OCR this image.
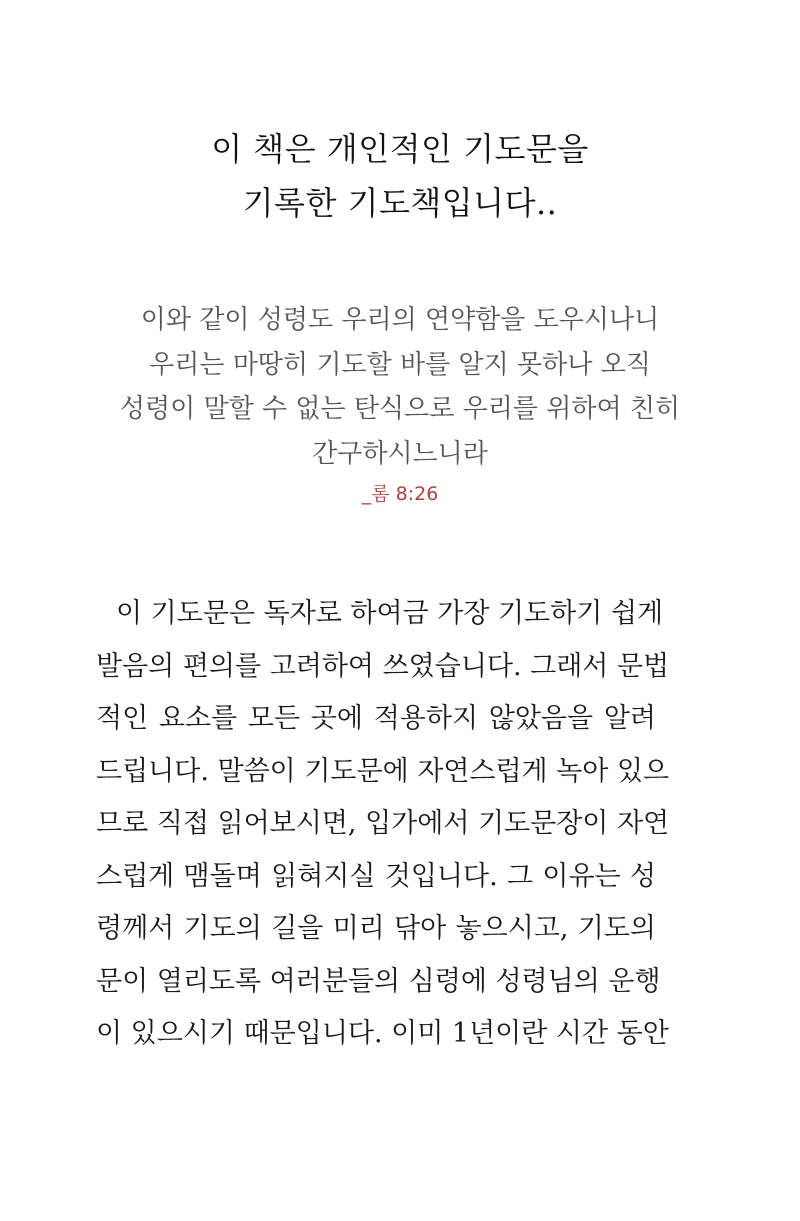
이 책은 개인적인 기도문을
기록한 기도책입니다..
이와 같이 성령도 우리의 연약함을 도우시나니
우리는 마땅히 기도할 바를 알지 못하나 오직
성령이 말할 수 없는 탄식으로 우리를 위하여 친히
간구하시느니라
_롬 8:26
이 기도문은 독자로 하여금 가장 기도하기 쉽게
발음의 편의를 고려하여 쓰였습니다. 그래서 문법
적인 요소를 모든 곳에 적용하지 않았음을 알려
드립니다. 말씀이 기도문에 자연스럽게 녹아 있으
므로 직접 읽어보시면, 입가에서 기도문장이 자연
스럽게 맴돌며 읽혀지실 것입니다. 그 이유는 성
령께서 기도의 길을 미리 닦아 놓으시고, 기도의
문이 열리도록 여러분들의 심령에 성령님의 운행
이 있으시기 때문입니다. 이미 1년이란 시간 동안
